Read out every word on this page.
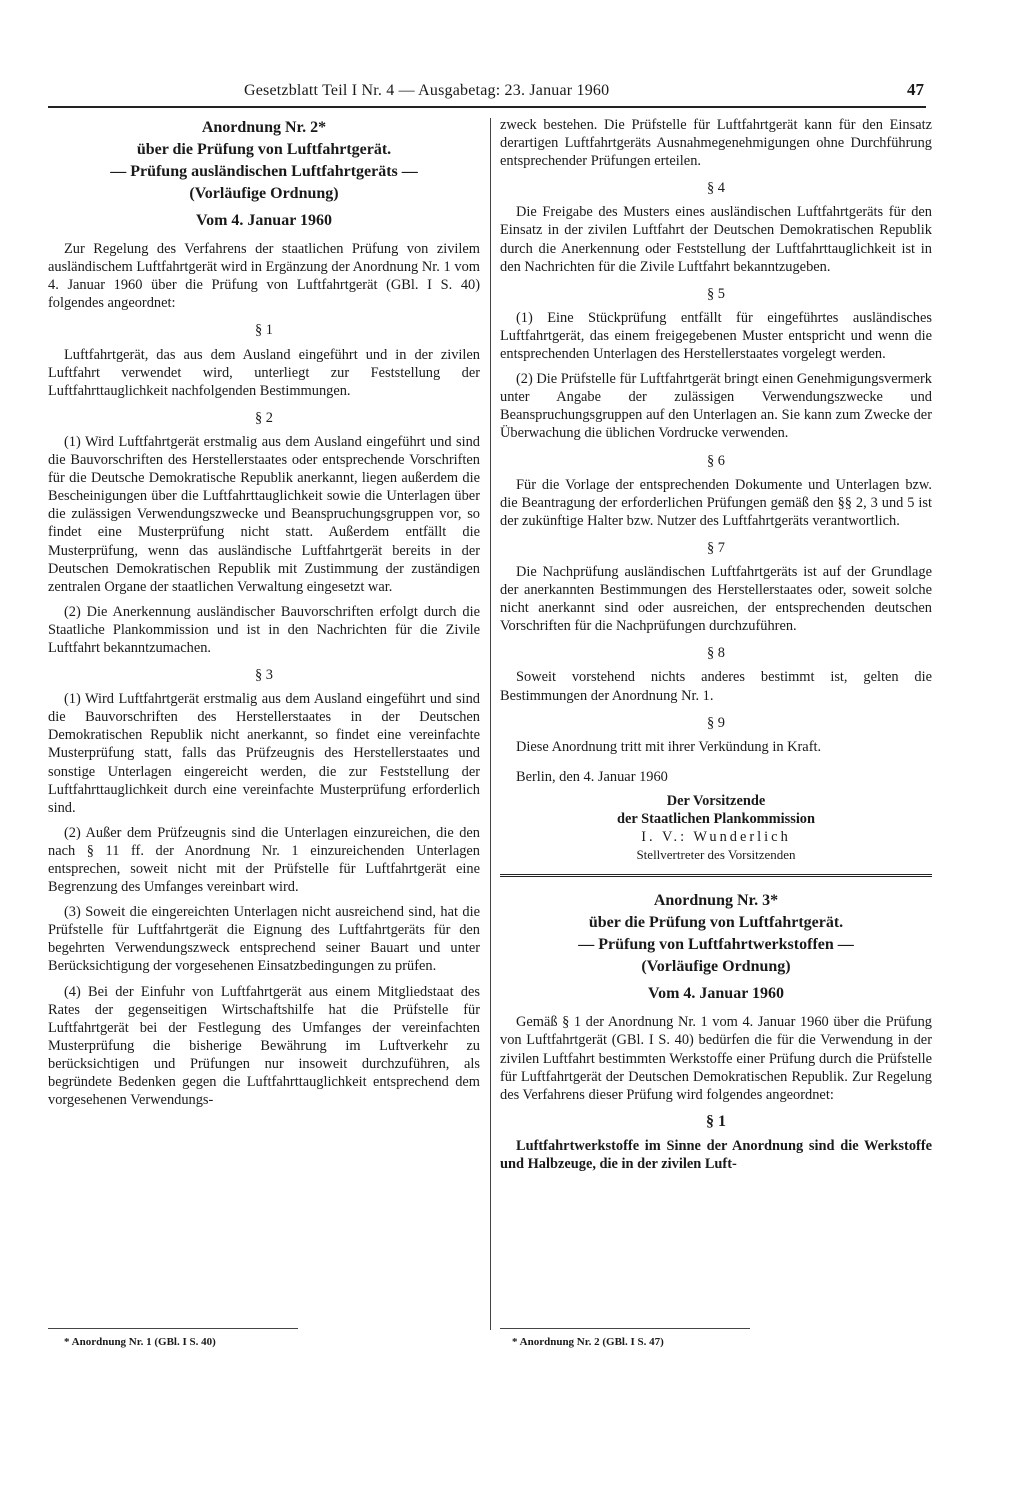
Gesetzblatt Teil I Nr. 4 — Ausgabetag: 23. Januar 1960	47
Anordnung Nr. 2*
über die Prüfung von Luftfahrtgerät.
— Prüfung ausländischen Luftfahrtgeräts —
(Vorläufige Ordnung)
Vom 4. Januar 1960

Zur Regelung des Verfahrens der staatlichen Prüfung von zivilem ausländischem Luftfahrtgerät wird in Ergänzung der Anordnung Nr. 1 vom 4. Januar 1960 über die Prüfung von Luftfahrtgerät (GBl. I S. 40) folgendes angeordnet:

§ 1

Luftfahrtgerät, das aus dem Ausland eingeführt und in der zivilen Luftfahrt verwendet wird, unterliegt zur Feststellung der Luftfahrttauglichkeit nachfolgenden Bestimmungen.

§ 2

(1) Wird Luftfahrtgerät erstmalig aus dem Ausland eingeführt und sind die Bauvorschriften des Herstellerstaates oder entsprechende Vorschriften für die Deutsche Demokratische Republik anerkannt, liegen außerdem die Bescheinigungen über die Luftfahrttauglichkeit sowie die Unterlagen über die zulässigen Verwendungszwecke und Beanspruchungsgruppen vor, so findet eine Musterprüfung nicht statt. Außerdem entfällt die Musterprüfung, wenn das ausländische Luftfahrtgerät bereits in der Deutschen Demokratischen Republik mit Zustimmung der zuständigen zentralen Organe der staatlichen Verwaltung eingesetzt war.

(2) Die Anerkennung ausländischer Bauvorschriften erfolgt durch die Staatliche Plankommission und ist in den Nachrichten für die Zivile Luftfahrt bekanntzumachen.

§ 3

(1) Wird Luftfahrtgerät erstmalig aus dem Ausland eingeführt und sind die Bauvorschriften des Herstellerstaates in der Deutschen Demokratischen Republik nicht anerkannt, so findet eine vereinfachte Musterprüfung statt, falls das Prüfzeugnis des Herstellerstaates und sonstige Unterlagen eingereicht werden, die zur Feststellung der Luftfahrttauglichkeit durch eine vereinfachte Musterprüfung erforderlich sind.

(2) Außer dem Prüfzeugnis sind die Unterlagen einzureichen, die den nach § 11 ff. der Anordnung Nr. 1 einzureichenden Unterlagen entsprechen, soweit nicht mit der Prüfstelle für Luftfahrtgerät eine Begrenzung des Umfanges vereinbart wird.

(3) Soweit die eingereichten Unterlagen nicht ausreichend sind, hat die Prüfstelle für Luftfahrtgerät die Eignung des Luftfahrtgeräts für den begehrten Verwendungszweck entsprechend seiner Bauart und unter Berücksichtigung der vorgesehenen Einsatzbedingungen zu prüfen.

(4) Bei der Einfuhr von Luftfahrtgerät aus einem Mitgliedstaat des Rates der gegenseitigen Wirtschaftshilfe hat die Prüfstelle für Luftfahrtgerät bei der Festlegung des Umfanges der vereinfachten Musterprüfung die bisherige Bewährung im Luftverkehr zu berücksichtigen und Prüfungen nur insoweit durchzuführen, als begründete Bedenken gegen die Luftfahrttauglichkeit entsprechend dem vorgesehenen Verwendungs-

* Anordnung Nr. 1 (GBl. I S. 40)

zweck bestehen. Die Prüfstelle für Luftfahrtgerät kann für den Einsatz derartigen Luftfahrtgeräts Ausnahmegenehmigungen ohne Durchführung entsprechender Prüfungen erteilen.

§ 4

Die Freigabe des Musters eines ausländischen Luftfahrtgeräts für den Einsatz in der zivilen Luftfahrt der Deutschen Demokratischen Republik durch die Anerkennung oder Feststellung der Luftfahrttauglichkeit ist in den Nachrichten für die Zivile Luftfahrt bekanntzugeben.

§ 5

(1) Eine Stückprüfung entfällt für eingeführtes ausländisches Luftfahrtgerät, das einem freigegebenen Muster entspricht und wenn die entsprechenden Unterlagen des Herstellerstaates vorgelegt werden.

(2) Die Prüfstelle für Luftfahrtgerät bringt einen Genehmigungsvermerk unter Angabe der zulässigen Verwendungszwecke und Beanspruchungsgruppen auf den Unterlagen an. Sie kann zum Zwecke der Überwachung die üblichen Vordrucke verwenden.

§ 6

Für die Vorlage der entsprechenden Dokumente und Unterlagen bzw. die Beantragung der erforderlichen Prüfungen gemäß den §§ 2, 3 und 5 ist der zukünftige Halter bzw. Nutzer des Luftfahrtgeräts verantwortlich.

§ 7

Die Nachprüfung ausländischen Luftfahrtgeräts ist auf der Grundlage der anerkannten Bestimmungen des Herstellerstaates oder, soweit solche nicht anerkannt sind oder ausreichen, der entsprechenden deutschen Vorschriften für die Nachprüfungen durchzuführen.

§ 8

Soweit vorstehend nichts anderes bestimmt ist, gelten die Bestimmungen der Anordnung Nr. 1.

§ 9

Diese Anordnung tritt mit ihrer Verkündung in Kraft.

Berlin, den 4. Januar 1960
Der Vorsitzende
der Staatlichen Plankommission
I. V.: Wunderlich
Stellvertreter des Vorsitzenden
Anordnung Nr. 3*
über die Prüfung von Luftfahrtgerät.
— Prüfung von Luftfahrtwerkstoffen —
(Vorläufige Ordnung)
Vom 4. Januar 1960

Gemäß § 1 der Anordnung Nr. 1 vom 4. Januar 1960 über die Prüfung von Luftfahrtgerät (GBl. I S. 40) bedürfen die für die Verwendung in der zivilen Luftfahrt bestimmten Werkstoffe einer Prüfung durch die Prüfstelle für Luftfahrtgerät der Deutschen Demokratischen Republik. Zur Regelung des Verfahrens dieser Prüfung wird folgendes angeordnet:

§ 1

Luftfahrtwerkstoffe im Sinne der Anordnung sind die Werkstoffe und Halbzeuge, die in der zivilen Luft-

* Anordnung Nr. 2 (GBl. I S. 47)
